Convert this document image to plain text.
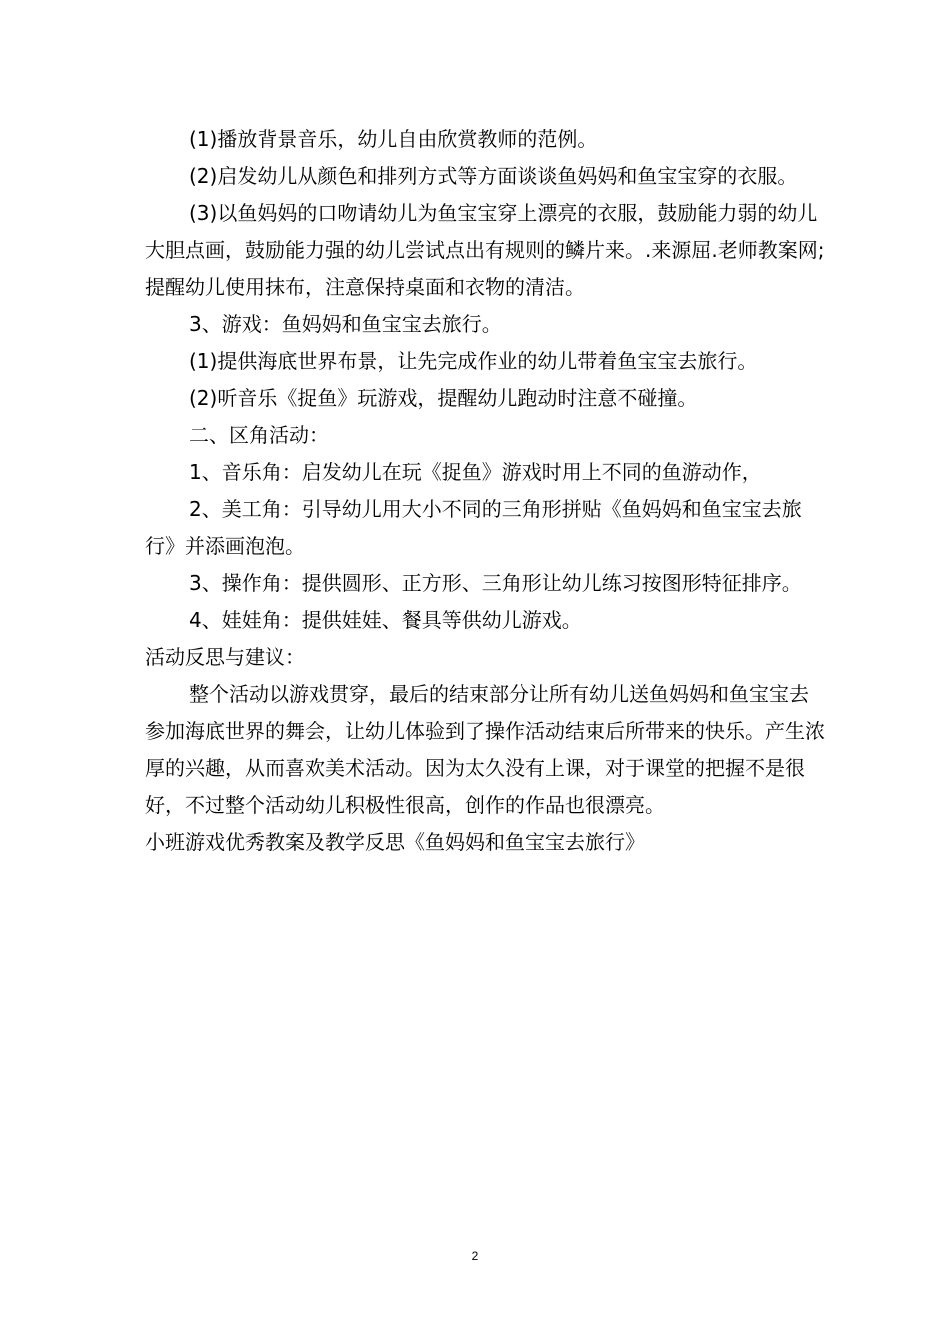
(1)播放背景音乐，幼儿自由欣赏教师的范例。

(2)启发幼儿从颜色和排列方式等方面谈谈鱼妈妈和鱼宝宝穿的衣服。

(3)以鱼妈妈的口吻请幼儿为鱼宝宝穿上漂亮的衣服，鼓励能力弱的幼儿大胆点画，鼓励能力强的幼儿尝试点出有规则的鳞片来。.来源屈.老师教案网;提醒幼儿使用抹布，注意保持桌面和衣物的清洁。

3、游戏：鱼妈妈和鱼宝宝去旅行。

(1)提供海底世界布景，让先完成作业的幼儿带着鱼宝宝去旅行。

(2)听音乐《捉鱼》玩游戏，提醒幼儿跑动时注意不碰撞。

二、区角活动：

1、音乐角：启发幼儿在玩《捉鱼》游戏时用上不同的鱼游动作，

2、美工角：引导幼儿用大小不同的三角形拼贴《鱼妈妈和鱼宝宝去旅行》并添画泡泡。

3、操作角：提供圆形、正方形、三角形让幼儿练习按图形特征排序。

4、娃娃角：提供娃娃、餐具等供幼儿游戏。

活动反思与建议：

整个活动以游戏贯穿，最后的结束部分让所有幼儿送鱼妈妈和鱼宝宝去参加海底世界的舞会，让幼儿体验到了操作活动结束后所带来的快乐。产生浓厚的兴趣，从而喜欢美术活动。因为太久没有上课，对于课堂的把握不是很好，不过整个活动幼儿积极性很高，创作的作品也很漂亮。

小班游戏优秀教案及教学反思《鱼妈妈和鱼宝宝去旅行》

2
